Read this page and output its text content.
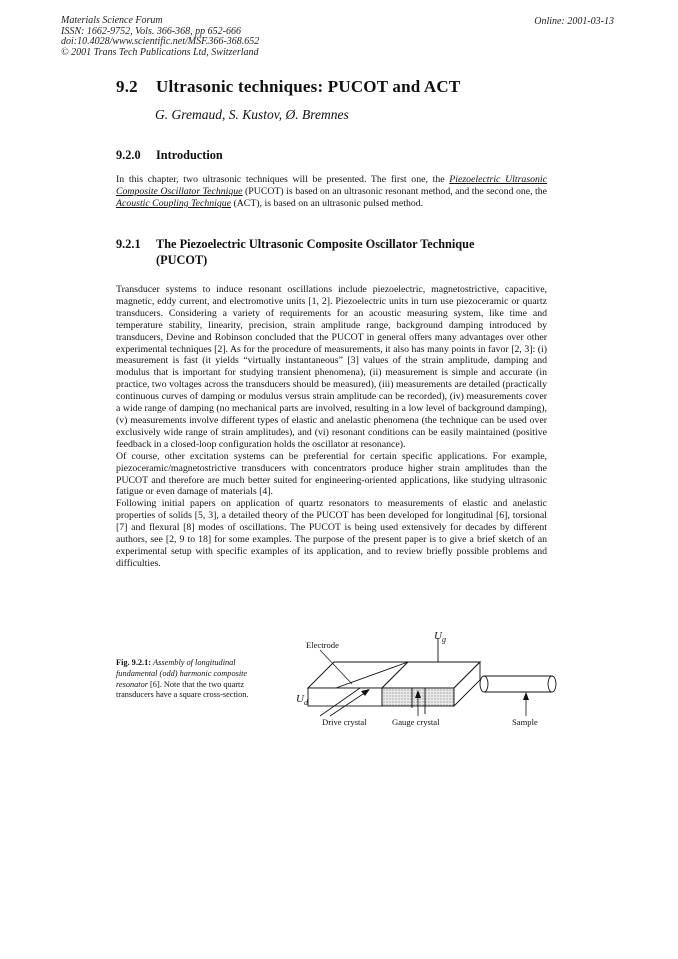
Materials Science Forum
ISSN: 1662-9752, Vols. 366-368, pp 652-666
doi:10.4028/www.scientific.net/MSF.366-368.652
© 2001 Trans Tech Publications Ltd, Switzerland
Online: 2001-03-13
9.2 Ultrasonic techniques: PUCOT and ACT
G. Gremaud, S. Kustov, Ø. Bremnes
9.2.0 Introduction
In this chapter, two ultrasonic techniques will be presented. The first one, the Piezoelectric Ultrasonic Composite Oscillator Technique (PUCOT) is based on an ultrasonic resonant method, and the second one, the Acoustic Coupling Technique (ACT), is based on an ultrasonic pulsed method.
9.2.1 The Piezoelectric Ultrasonic Composite Oscillator Technique
(PUCOT)
Transducer systems to induce resonant oscillations include piezoelectric, magnetostrictive, capacitive, magnetic, eddy current, and electromotive units [1, 2]. Piezoelectric units in turn use piezoceramic or quartz transducers. Considering a variety of requirements for an acoustic measuring system, like time and temperature stability, linearity, precision, strain amplitude range, background damping introduced by transducers, Devine and Robinson concluded that the PUCOT in general offers many advantages over other experimental techniques [2]. As for the procedure of measurements, it also has many points in favor [2, 3]: (i) measurement is fast (it yields “virtually instantaneous” [3] values of the strain amplitude, damping and modulus that is important for studying transient phenomena), (ii) measurement is simple and accurate (in practice, two voltages across the transducers should be measured), (iii) measurements are detailed (practically continuous curves of damping or modulus versus strain amplitude can be recorded), (iv) measurements cover a wide range of damping (no mechanical parts are involved, resulting in a low level of background damping), (v) measurements involve different types of elastic and anelastic phenomena (the technique can be used over exclusively wide range of strain amplitudes), and (vi) resonant conditions can be easily maintained (positive feedback in a closed-loop configuration holds the oscillator at resonance).
Of course, other excitation systems can be preferential for certain specific applications. For example, piezoceramic/magnetostrictive transducers with concentrators produce higher strain amplitudes than the PUCOT and therefore are much better suited for engineering-oriented applications, like studying ultrasonic fatigue or even damage of materials [4].
Following initial papers on application of quartz resonators to measurements of elastic and anelastic properties of solids [5, 3], a detailed theory of the PUCOT has been developed for longitudinal [6], torsional [7] and flexural [8] modes of oscillations. The PUCOT is being used extensively for decades by different authors, see [2, 9 to 18] for some examples. The purpose of the present paper is to give a brief sketch of an experimental setup with specific examples of its application, and to review briefly possible problems and difficulties.
Fig. 9.2.1: Assembly of longitudinal fundamental (odd) harmonic composite resonator [6]. Note that the two quartz transducers have a square cross-section.
Electrode
$U_g$
$U_d$
Drive crystal	Gauge crystal	Sample
